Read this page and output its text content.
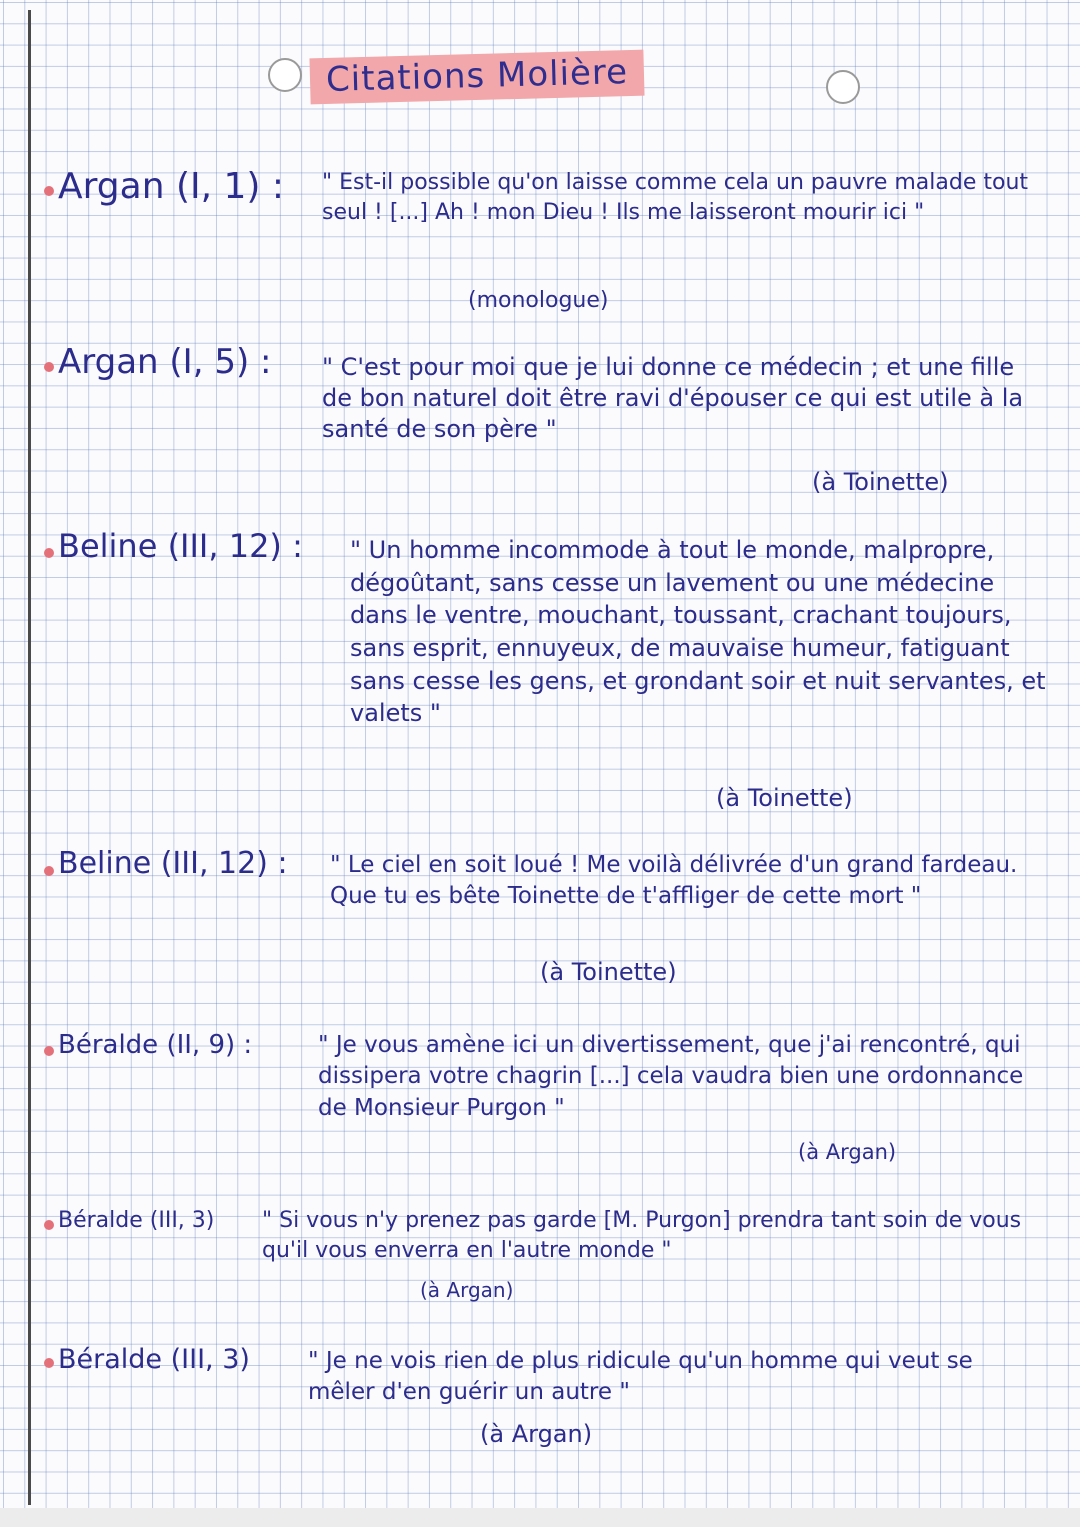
Citations Molière
Argan (I, 1) : " Est-il possible qu'on laisse comme cela un pauvre malade tout seul ! [...] Ah ! mon Dieu ! Ils me laisseront mourir ici "
(monologue)
Argan (I, 5) : " C'est pour moi que je lui donne ce médecin ; et une fille de bon naturel doit être ravi d'épouser ce qui est utile à la santé de son père "
(à Toinette)
Beline (III, 12) : " Un homme incommode à tout le monde, malpropre, dégoûtant, sans cesse un lavement ou une médecine dans le ventre, mouchant, toussant, crachant toujours, sans esprit, ennuyeux, de mauvaise humeur, fatiguant sans cesse les gens, et grondant soir et nuit servantes, et valets "
(à Toinette)
Beline (III, 12) : " Le ciel en soit loué ! Me voilà délivrée d'un grand fardeau. Que tu es bête Toinette de t'affliger de cette mort "
(à Toinette)
Béralde (II, 9) :	" Je vous amène ici un divertissement, que j'ai rencontré, qui dissipera votre chagrin [...] cela vaudra bien une ordonnance de Monsieur Purgon "
(à Argan)
Béralde (III, 3) " Si vous n'y prenez pas garde [M. Purgon] prendra tant soin de vous qu'il vous enverra en l'autre monde "
(à Argan)
Béralde (III, 3)	" Je ne vois rien de plus ridicule qu'un homme qui veut se mêler d'en guérir un autre "
(à Argan)
